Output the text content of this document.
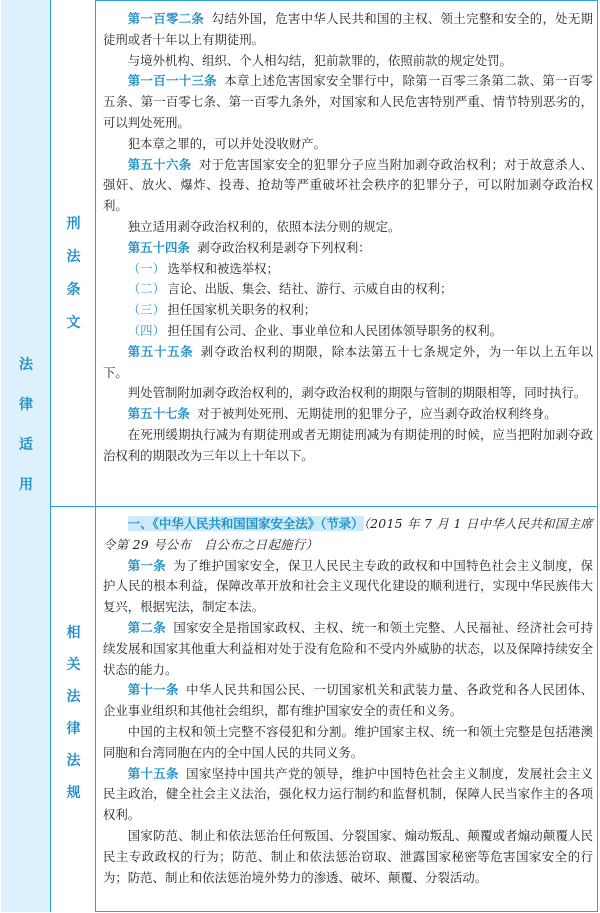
法
律
适
用
刑
法
条
文
相
关
法
律
法
规

第一百零二条 勾结外国，危害中华人民共和国的主权、领土完整和安全的，处无期徒刑或者十年以上有期徒刑。

与境外机构、组织、个人相勾结，犯前款罪的，依照前款的规定处罚。

第一百一十三条 本章上述危害国家安全罪行中，除第一百零三条第二款、第一百零五条、第一百零七条、第一百零九条外，对国家和人民危害特别严重、情节特别恶劣的，可以判处死刑。

犯本章之罪的，可以并处没收财产。

第五十六条 对于危害国家安全的犯罪分子应当附加剥夺政治权利；对于故意杀人、强奸、放火、爆炸、投毒、抢劫等严重破坏社会秩序的犯罪分子，可以附加剥夺政治权利。

独立适用剥夺政治权利的，依照本法分则的规定。

第五十四条 剥夺政治权利是剥夺下列权利：

（一） 选举权和被选举权；

（二） 言论、出版、集会、结社、游行、示威自由的权利；

（三） 担任国家机关职务的权利；

（四） 担任国有公司、企业、事业单位和人民团体领导职务的权利。

第五十五条 剥夺政治权利的期限，除本法第五十七条规定外，为一年以上五年以下。

判处管制附加剥夺政治权利的，剥夺政治权利的期限与管制的期限相等，同时执行。

第五十七条 对于被判处死刑、无期徒刑的犯罪分子，应当剥夺政治权利终身。

在死刑缓期执行减为有期徒刑或者无期徒刑减为有期徒刑的时候，应当把附加剥夺政治权利的期限改为三年以上十年以下。

一、《中华人民共和国国家安全法》（节录）（2015 年 7 月 1 日中华人民共和国主席令第 29 号公布　自公布之日起施行）

第一条 为了维护国家安全，保卫人民民主专政的政权和中国特色社会主义制度，保护人民的根本利益，保障改革开放和社会主义现代化建设的顺利进行，实现中华民族伟大复兴，根据宪法，制定本法。

第二条 国家安全是指国家政权、主权、统一和领土完整、人民福祉、经济社会可持续发展和国家其他重大利益相对处于没有危险和不受内外威胁的状态，以及保障持续安全状态的能力。

第十一条 中华人民共和国公民、一切国家机关和武装力量、各政党和各人民团体、企业事业组织和其他社会组织，都有维护国家安全的责任和义务。

中国的主权和领土完整不容侵犯和分割。维护国家主权、统一和领土完整是包括港澳同胞和台湾同胞在内的全中国人民的共同义务。

第十五条 国家坚持中国共产党的领导，维护中国特色社会主义制度，发展社会主义民主政治，健全社会主义法治，强化权力运行制约和监督机制，保障人民当家作主的各项权利。

国家防范、制止和依法惩治任何叛国、分裂国家、煽动叛乱、颠覆或者煽动颠覆人民民主专政政权的行为；防范、制止和依法惩治窃取、泄露国家秘密等危害国家安全的行为；防范、制止和依法惩治境外势力的渗透、破坏、颠覆、分裂活动。
